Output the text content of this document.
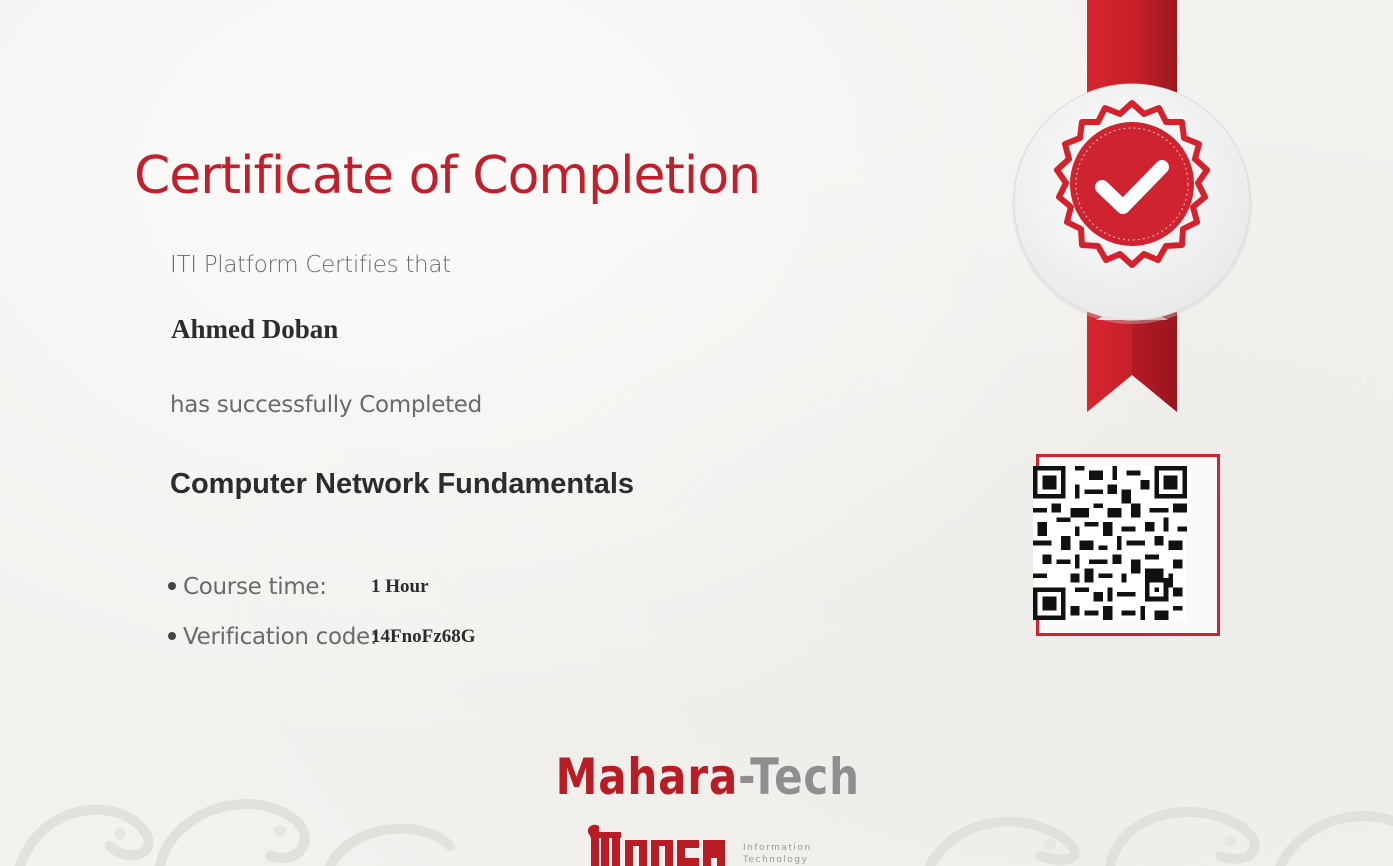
Certificate of Completion
ITI Platform Certifies that
Ahmed Doban
has successfully Completed
Computer Network Fundamentals
Course time: 1 Hour
Verification code:14FnoFz68G
Mahara-Tech
Information
Technology
